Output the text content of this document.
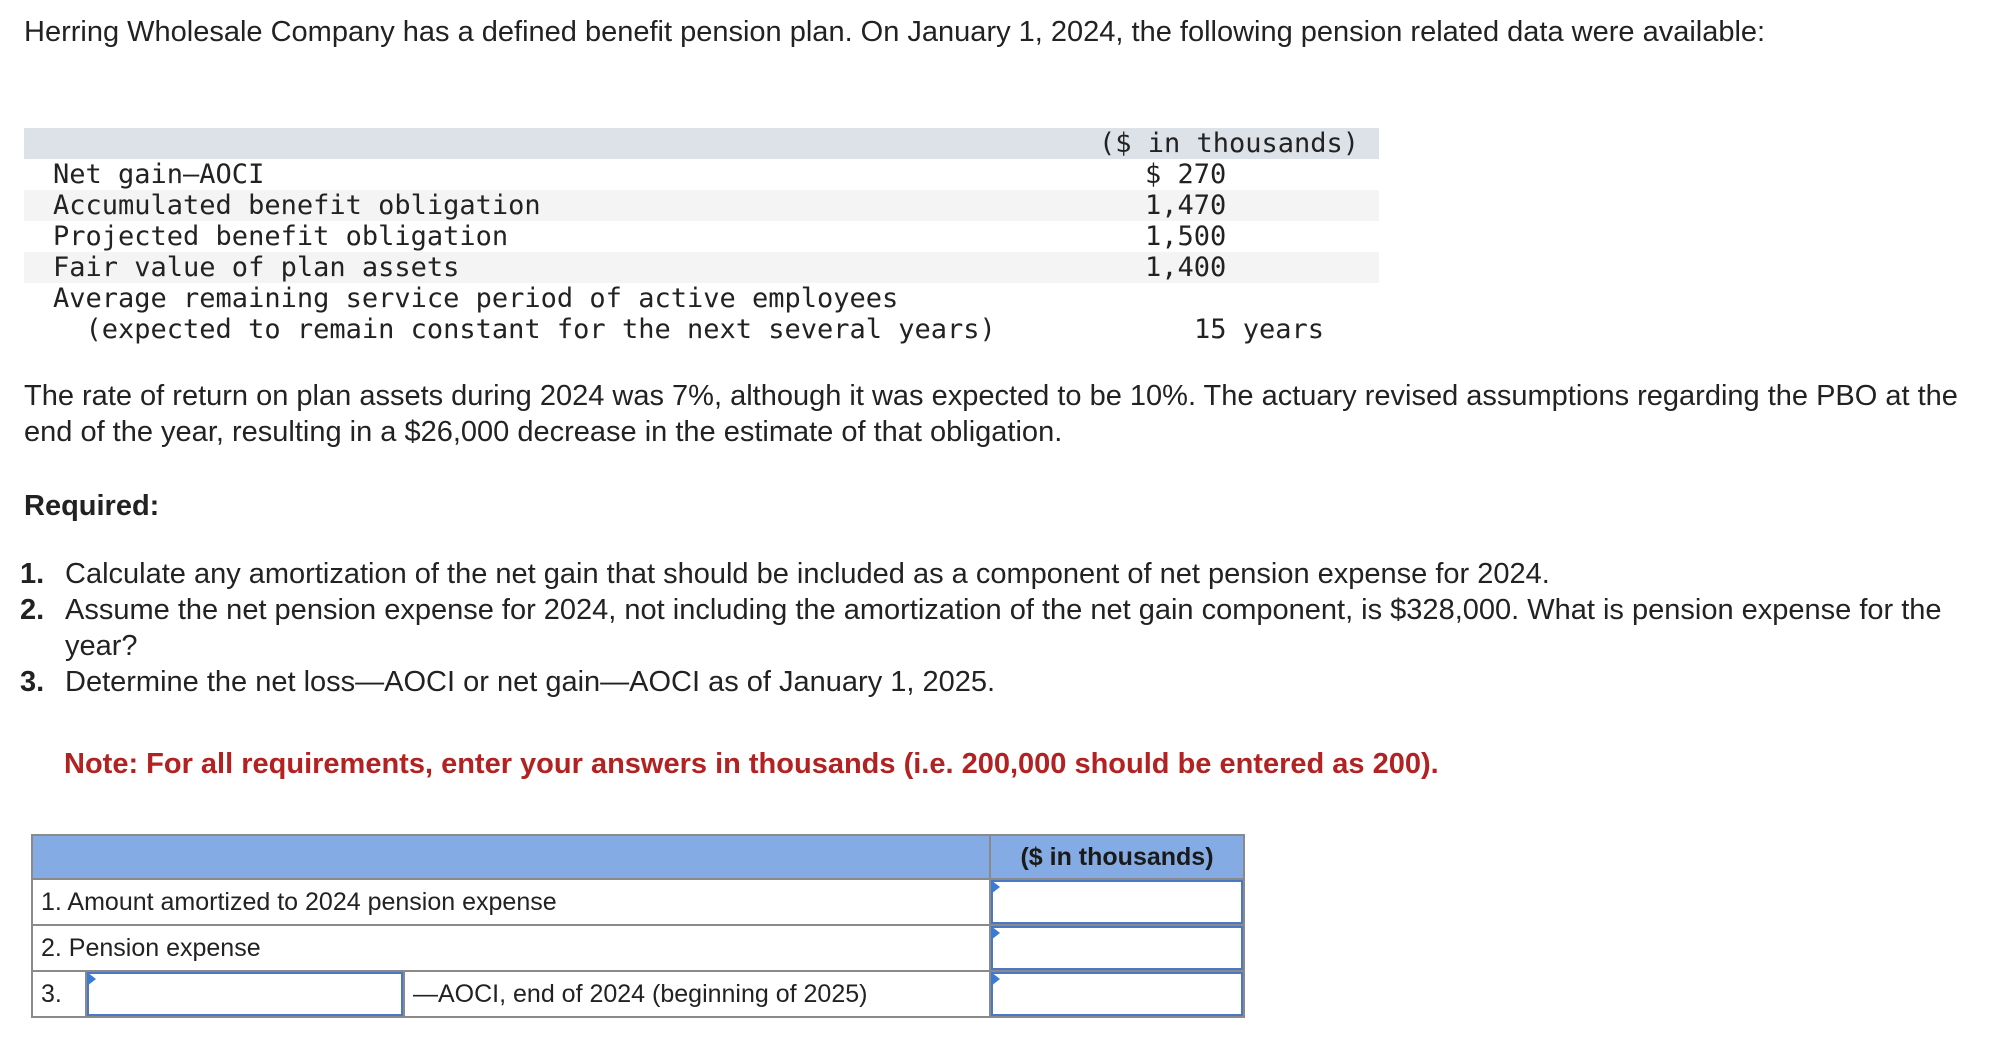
Herring Wholesale Company has a defined benefit pension plan. On January 1, 2024, the following pension related data were available:

($ in thousands)
Net gain—AOCI	$ 270
Accumulated benefit obligation	1,470
Projected benefit obligation	1,500
Fair value of plan assets	1,400
Average remaining service period of active employees
(expected to remain constant for the next several years)	15 years

The rate of return on plan assets during 2024 was 7%, although it was expected to be 10%. The actuary revised assumptions regarding the PBO at the end of the year, resulting in a $26,000 decrease in the estimate of that obligation.

Required:

1. Calculate any amortization of the net gain that should be included as a component of net pension expense for 2024.
2. Assume the net pension expense for 2024, not including the amortization of the net gain component, is $328,000. What is pension expense for the year?
3. Determine the net loss—AOCI or net gain—AOCI as of January 1, 2025.
Note: For all requirements, enter your answers in thousands (i.e. 200,000 should be entered as 200).
			($ in thousands)
1. Amount amortized to 2024 pension expense	

2. Pension expense	

3.		—AOCI, end of 2024 (beginning of 2025)	
